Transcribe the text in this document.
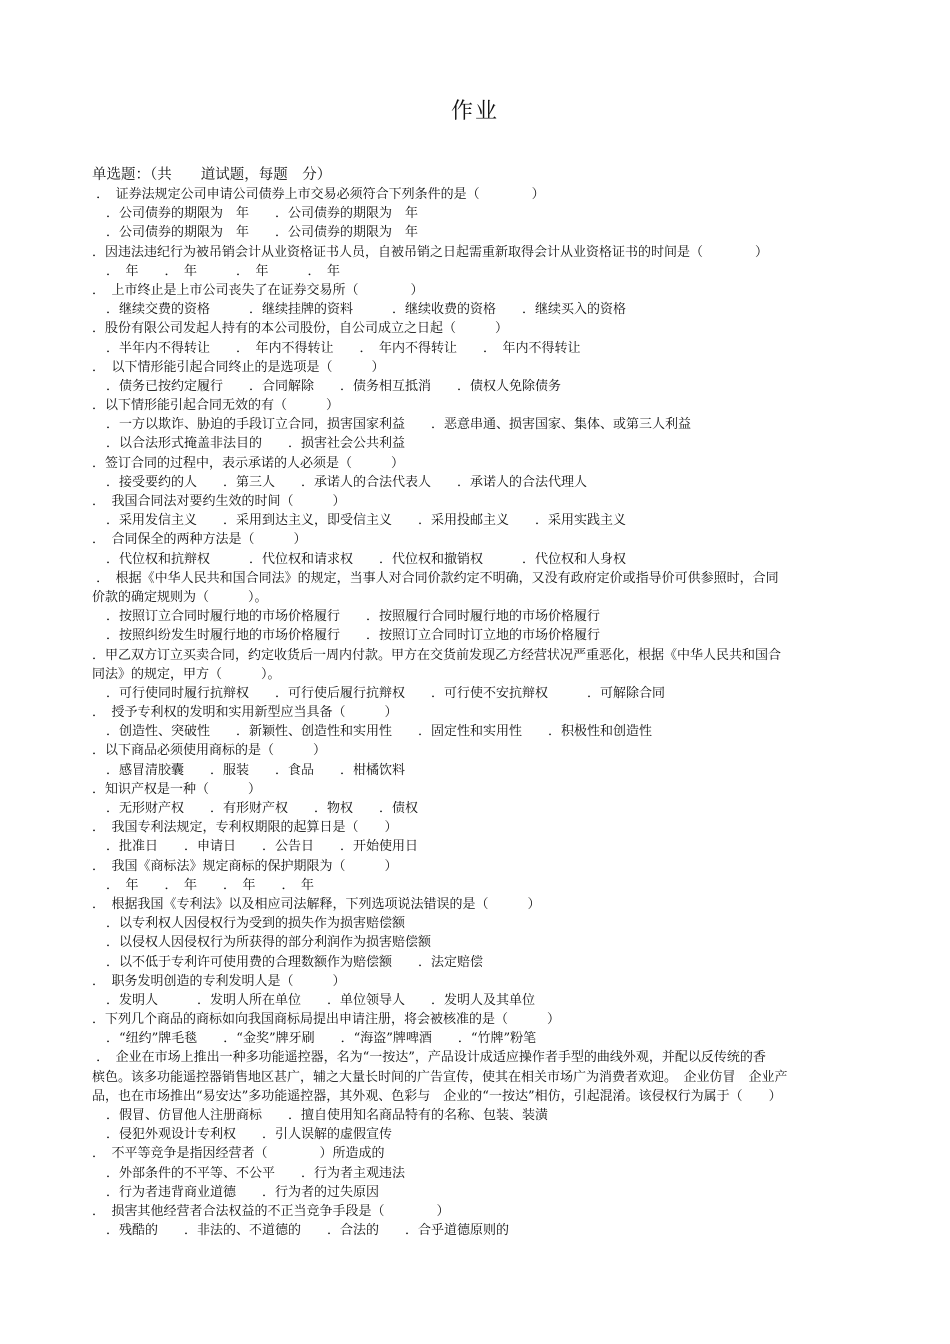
作业
单选题：（共　　道试题，每题　分）
．　证券法规定公司申请公司债券上市交易必须符合下列条件的是（　　　　）
．公司债券的期限为　年　　．公司债券的期限为　年
．公司债券的期限为　年　　．公司债券的期限为　年
．因违法违纪行为被吊销会计从业资格证书人员，自被吊销之日起需重新取得会计从业资格证书的时间是（　　　　）
．　年　　．　年　　　．　年　　　．　年
．　上市终止是上市公司丧失了在证券交易所（　　　　）
．继续交费的资格　　　．继续挂牌的资料　　　．继续收费的资格　　．继续买入的资格
．股份有限公司发起人持有的本公司股份，自公司成立之日起（　　　）
．半年内不得转让　　．　年内不得转让　　．　年内不得转让　　．　年内不得转让
．　以下情形能引起合同终止的是选项是（　　　）
．债务已按约定履行　　．合同解除　　．债务相互抵消　　．债权人免除债务
．以下情形能引起合同无效的有（　　　）
．一方以欺诈、胁迫的手段订立合同，损害国家利益　　．恶意串通、损害国家、集体、或第三人利益
．以合法形式掩盖非法目的　　．损害社会公共利益
．签订合同的过程中，表示承诺的人必须是（　　　）
．接受要约的人　　．第三人　　．承诺人的合法代表人　　．承诺人的合法代理人
．　我国合同法对要约生效的时间（　　　）
．采用发信主义　　．采用到达主义，即受信主义　　．采用投邮主义　　．采用实践主义
．　合同保全的两种方法是（　　　）
．代位权和抗辩权　　　．代位权和请求权　　．代位权和撤销权　　　．代位权和人身权
．　根据《中华人民共和国合同法》的规定，当事人对合同价款约定不明确，又没有政府定价或指导价可供参照时，合同
价款的确定规则为（　　　）。
．按照订立合同时履行地的市场价格履行　　．按照履行合同时履行地的市场价格履行
．按照纠纷发生时履行地的市场价格履行　　．按照订立合同时订立地的市场价格履行
．甲乙双方订立买卖合同，约定收货后一周内付款。甲方在交货前发现乙方经营状况严重恶化，根据《中华人民共和国合
同法》的规定，甲方（　　　）。
．可行使同时履行抗辩权　　．可行使后履行抗辩权　　．可行使不安抗辩权　　　．可解除合同
．　授予专利权的发明和实用新型应当具备（　　　）
．创造性、突破性　　．新颖性、创造性和实用性　　．固定性和实用性　　．积极性和创造性
．以下商品必须使用商标的是（　　　）
．感冒清胶囊　　．服装　　．食品　　．柑橘饮料
．知识产权是一种（　　　）
．无形财产权　　．有形财产权　　．物权　　．债权
．　我国专利法规定，专利权期限的起算日是（　　）
．批准日　　．申请日　　．公告日　　．开始使用日
．　我国《商标法》规定商标的保护期限为（　　　）
．　年　　．　年　　．　年　　．　年
．　根据我国《专利法》以及相应司法解释，下列选项说法错误的是（　　　）
．以专利权人因侵权行为受到的损失作为损害赔偿额
．以侵权人因侵权行为所获得的部分利润作为损害赔偿额
．以不低于专利许可使用费的合理数额作为赔偿额　　．法定赔偿
．　职务发明创造的专利发明人是（　　　）
．发明人　　　．发明人所在单位　　．单位领导人　　．发明人及其单位
．下列几个商品的商标如向我国商标局提出申请注册，将会被核准的是（　　　）
．“纽约”牌毛毯　　．“金奖”牌牙刷　　．“海盗”牌啤酒　　．“竹牌”粉笔
．　企业在市场上推出一种多功能遥控器，名为“一按达”，产品设计成适应操作者手型的曲线外观，并配以反传统的香
槟色。该多功能遥控器销售地区甚广，辅之大量长时间的广告宣传，使其在相关市场广为消费者欢迎。　企业仿冒　企业产
品，也在市场推出“易安达”多功能遥控器，其外观、色彩与　企业的“一按达”相仿，引起混淆。该侵权行为属于（　　）
．假冒、仿冒他人注册商标　　．擅自使用知名商品特有的名称、包装、装潢
．侵犯外观设计专利权　　．引人误解的虚假宣传
．　不平等竞争是指因经营者（　　　　）所造成的
．外部条件的不平等、不公平　　．行为者主观违法
．行为者违背商业道德　　．行为者的过失原因
．　损害其他经营者合法权益的不正当竞争手段是（　　　　）
．残酷的　　．非法的、不道德的　　．合法的　　．合乎道德原则的
